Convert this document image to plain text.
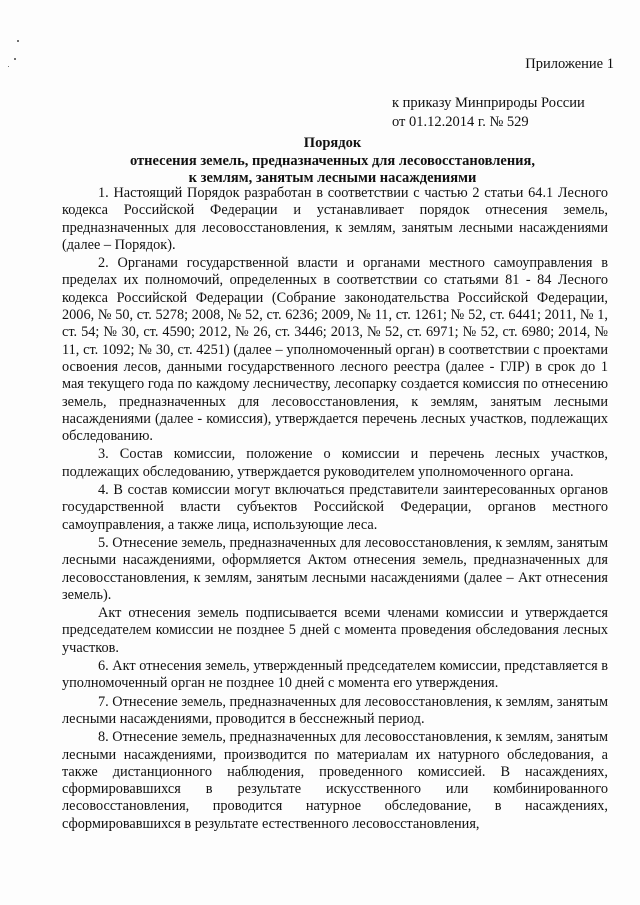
Приложение 1
к приказу Минприроды России
от 01.12.2014 г. № 529
Порядок
отнесения земель, предназначенных для лесовосстановления,
к землям, занятым лесными насаждениями

1. Настоящий Порядок разработан в соответствии с частью 2 статьи 64.1 Лесного кодекса Российской Федерации и устанавливает порядок отнесения земель, предназначенных для лесовосстановления, к землям, занятым лесными насаждениями (далее – Порядок).

2. Органами государственной власти и органами местного самоуправления в пределах их полномочий, определенных в соответствии со статьями 81 - 84 Лесного кодекса Российской Федерации (Собрание законодательства Российской Федерации, 2006, № 50, ст. 5278; 2008, № 52, ст. 6236; 2009, № 11, ст. 1261; № 52, ст. 6441; 2011, № 1, ст. 54; № 30, ст. 4590; 2012, № 26, ст. 3446; 2013, № 52, ст. 6971; № 52, ст. 6980; 2014, № 11, ст. 1092; № 30, ст. 4251) (далее – уполномоченный орган) в соответствии с проектами освоения лесов, данными государственного лесного реестра (далее - ГЛР) в срок до 1 мая текущего года по каждому лесничеству, лесопарку создается комиссия по отнесению земель, предназначенных для лесовосстановления, к землям, занятым лесными насаждениями (далее - комиссия), утверждается перечень лесных участков, подлежащих обследованию.

3. Состав комиссии, положение о комиссии и перечень лесных участков, подлежащих обследованию, утверждается руководителем уполномоченного органа.

4. В состав комиссии могут включаться представители заинтересованных органов государственной власти субъектов Российской Федерации, органов местного самоуправления, а также лица, использующие леса.

5. Отнесение земель, предназначенных для лесовосстановления, к землям, занятым лесными насаждениями, оформляется Актом отнесения земель, предназначенных для лесовосстановления, к землям, занятым лесными насаждениями (далее – Акт отнесения земель).

Акт отнесения земель подписывается всеми членами комиссии и утверждается председателем комиссии не позднее 5 дней с момента проведения обследования лесных участков.

6. Акт отнесения земель, утвержденный председателем комиссии, представляется в уполномоченный орган не позднее 10 дней с момента его утверждения.

7. Отнесение земель, предназначенных для лесовосстановления, к землям, занятым лесными насаждениями, проводится в бесснежный период.

8. Отнесение земель, предназначенных для лесовосстановления, к землям, занятым лесными насаждениями, производится по материалам их натурного обследования, а также дистанционного наблюдения, проведенного комиссией. В насаждениях, сформировавшихся в результате искусственного или комбинированного лесовосстановления, проводится натурное обследование, в насаждениях, сформировавшихся в результате естественного лесовосстановления,
